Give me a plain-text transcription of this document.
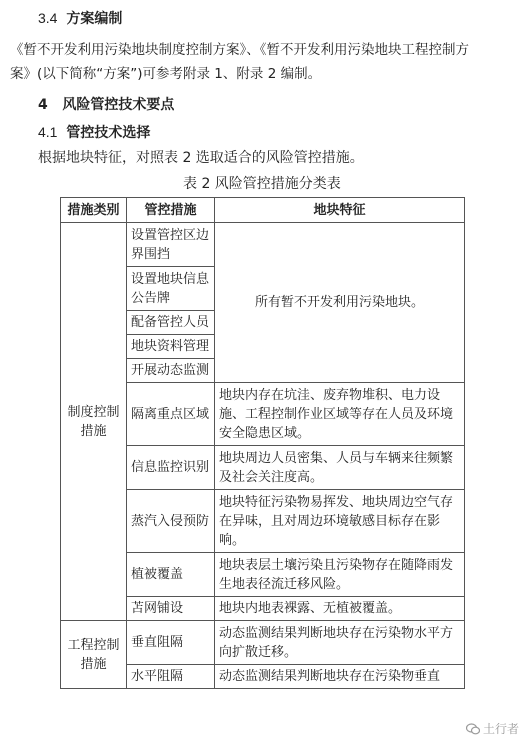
3.4 方案编制
《暂不开发利用污染地块制度控制方案》、《暂不开发利用污染地块工程控制方
案》(以下简称“方案”)可参考附录 1、附录 2 编制。
4 风险管控技术要点
4.1 管控技术选择
根据地块特征，对照表 2 选取适合的风险管控措施。
表 2 风险管控措施分类表
措施类别	管控措施	地块特征
制度控制措施	设置管控区边界围挡	所有暂不开发利用污染地块。
	设置地块信息公告牌	
	配备管控人员	
	地块资料管理	
	开展动态监测	
	隔离重点区域	地块内存在坑洼、废弃物堆积、电力设施、工程控制作业区域等存在人员及环境安全隐患区域。
	信息监控识别	地块周边人员密集、人员与车辆来往频繁及社会关注度高。
	蒸汽入侵预防	地块特征污染物易挥发、地块周边空气存在异味，且对周边环境敏感目标存在影响。
	植被覆盖	地块表层土壤污染且污染物存在随降雨发生地表径流迁移风险。
	苫网铺设	地块内地表裸露、无植被覆盖。
工程控制措施	垂直阻隔	动态监测结果判断地块存在污染物水平方向扩散迁移。
	水平阻隔	动态监测结果判断地块存在污染物垂直
土行者
